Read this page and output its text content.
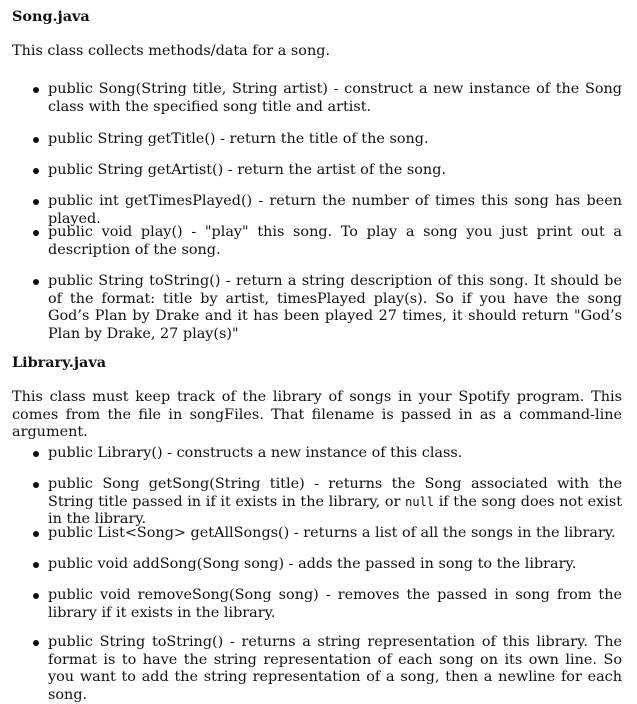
Song.java

This class collects methods/data for a song.

public Song(String title, String artist) - construct a new instance of the Song class with the specified song title and artist.
public String getTitle() - return the title of the song.
public String getArtist() - return the artist of the song.
public int getTimesPlayed() - return the number of times this song has been played.
public void play() - "play" this song. To play a song you just print out a description of the song.
public String toString() - return a string description of this song. It should be of the format: title by artist, timesPlayed play(s). So if you have the song God’s Plan by Drake and it has been played 27 times, it should return "God’s Plan by Drake, 27 play(s)"

Library.java

This class must keep track of the library of songs in your Spotify program. This comes from the file in songFiles. That filename is passed in as a command-line argument.

public Library() - constructs a new instance of this class.
public Song getSong(String title) - returns the Song associated with the String title passed in if it exists in the library, or null if the song does not exist in the library.
public List<Song> getAllSongs() - returns a list of all the songs in the library.
public void addSong(Song song) - adds the passed in song to the library.
public void removeSong(Song song) - removes the passed in song from the library if it exists in the library.
public String toString() - returns a string representation of this library. The format is to have the string representation of each song on its own line. So you want to add the string representation of a song, then a newline for each song.
